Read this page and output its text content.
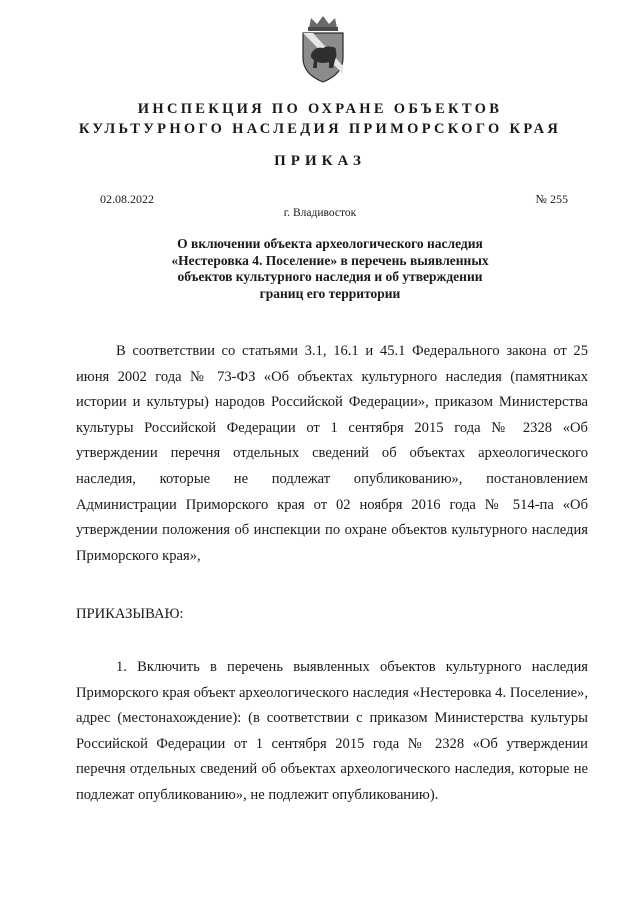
ИНСПЕКЦИЯ ПО ОХРАНЕ ОБЪЕКТОВ
КУЛЬТУРНОГО НАСЛЕДИЯ ПРИМОРСКОГО КРАЯ
ПРИКАЗ
02.08.2022	№ 255
г. Владивосток
О включении объекта археологического наследия
«Нестеровка 4. Поселение» в перечень выявленных
объектов культурного наследия и об утверждении
границ его территории
В соответствии со статьями 3.1, 16.1 и 45.1 Федерального закона от 25 июня 2002 года № 73-ФЗ «Об объектах культурного наследия (памятниках истории и культуры) народов Российской Федерации», приказом Министерства культуры Российской Федерации от 1 сентября 2015 года № 2328 «Об утверждении перечня отдельных сведений об объектах археологического наследия, которые не подлежат опубликованию», постановлением Администрации Приморского края от 02 ноября 2016 года № 514-па «Об утверждении положения об инспекции по охране объектов культурного наследия Приморского края»,
ПРИКАЗЫВАЮ:
1. Включить в перечень выявленных объектов культурного наследия Приморского края объект археологического наследия «Нестеровка 4. Поселение», адрес (местонахождение): (в соответствии с приказом Министерства культуры Российской Федерации от 1 сентября 2015 года № 2328 «Об утверждении перечня отдельных сведений об объектах археологического наследия, которые не подлежат опубликованию», не подлежит опубликованию).
